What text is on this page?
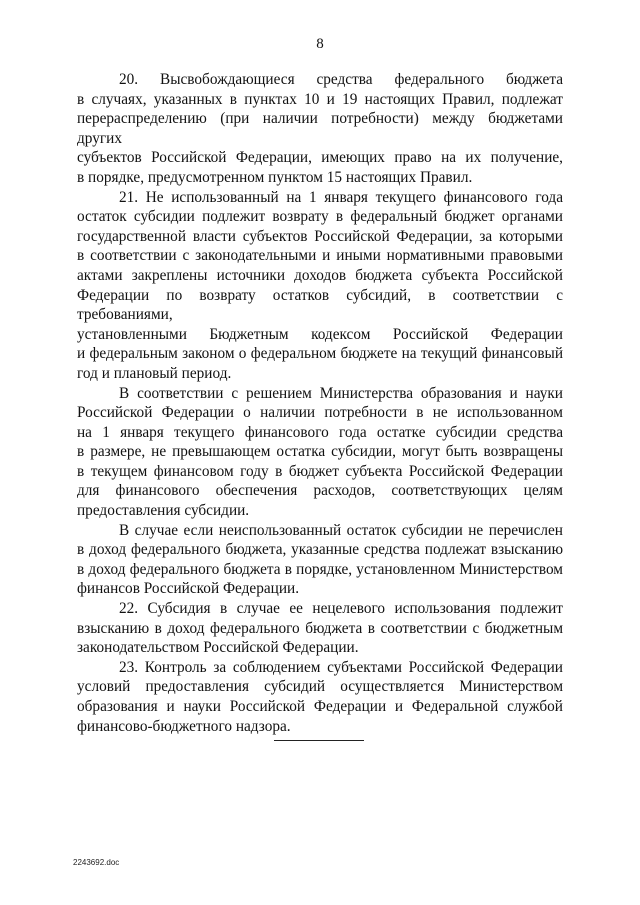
8
20. Высвобождающиеся средства федерального бюджета
в случаях, указанных в пунктах 10 и 19 настоящих Правил, подлежат
перераспределению (при наличии потребности) между бюджетами других
субъектов Российской Федерации, имеющих право на их получение,
в порядке, предусмотренном пунктом 15 настоящих Правил.
21. Не использованный на 1 января текущего финансового года
остаток субсидии подлежит возврату в федеральный бюджет органами
государственной власти субъектов Российской Федерации, за которыми
в соответствии с законодательными и иными нормативными правовыми
актами закреплены источники доходов бюджета субъекта Российской
Федерации по возврату остатков субсидий, в соответствии с требованиями,
установленными Бюджетным кодексом Российской Федерации
и федеральным законом о федеральном бюджете на текущий финансовый
год и плановый период.
В соответствии с решением Министерства образования и науки
Российской Федерации о наличии потребности в не использованном
на 1 января текущего финансового года остатке субсидии средства
в размере, не превышающем остатка субсидии, могут быть возвращены
в текущем финансовом году в бюджет субъекта Российской Федерации
для финансового обеспечения расходов, соответствующих целям
предоставления субсидии.
В случае если неиспользованный остаток субсидии не перечислен
в доход федерального бюджета, указанные средства подлежат взысканию
в доход федерального бюджета в порядке, установленном Министерством
финансов Российской Федерации.
22. Субсидия в случае ее нецелевого использования подлежит
взысканию в доход федерального бюджета в соответствии с бюджетным
законодательством Российской Федерации.
23. Контроль за соблюдением субъектами Российской Федерации
условий предоставления субсидий осуществляется Министерством
образования и науки Российской Федерации и Федеральной службой
финансово-бюджетного надзора.
2243692.doc
